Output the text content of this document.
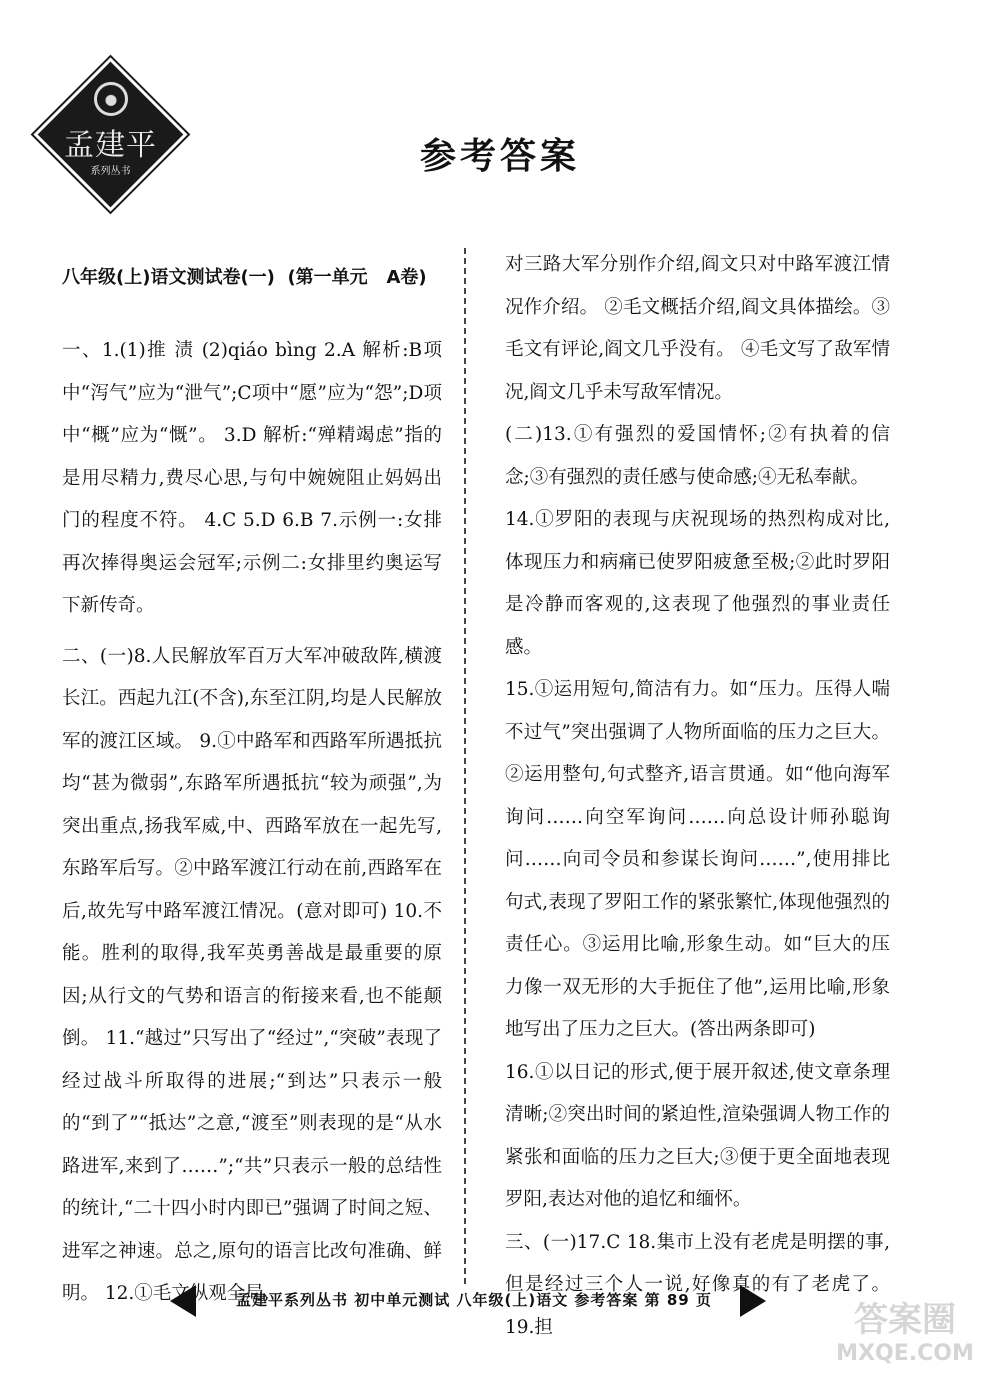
孟建平
系列丛书	参考答案
八年级(上)语文测试卷(一)  (第一单元   A卷)

一、1.(1)推 渍 (2)qiáo bìng 2.A 解析:B项中“泻气”应为“泄气”;C项中“愿”应为“怨”;D项中“概”应为“慨”。 3.D 解析:“殚精竭虑”指的是用尽精力,费尽心思,与句中婉婉阻止妈妈出门的程度不符。 4.C 5.D 6.B 7.示例一:女排再次捧得奥运会冠军;示例二:女排里约奥运写下新传奇。

二、(一)8.人民解放军百万大军冲破敌阵,横渡长江。西起九江(不含),东至江阴,均是人民解放军的渡江区域。 9.①中路军和西路军所遇抵抗均“甚为微弱”,东路军所遇抵抗“较为顽强”,为突出重点,扬我军威,中、西路军放在一起先写,东路军后写。②中路军渡江行动在前,西路军在后,故先写中路军渡江情况。(意对即可) 10.不能。胜利的取得,我军英勇善战是最重要的原因;从行文的气势和语言的衔接来看,也不能颠倒。 11.“越过”只写出了“经过”,“突破”表现了经过战斗所取得的进展;“到达”只表示一般的“到了”“抵达”之意,“渡至”则表现的是“从水路进军,来到了……”;“共”只表示一般的总结性的统计,“二十四小时内即已”强调了时间之短、进军之神速。总之,原句的语言比改句准确、鲜明。 12.①毛文纵观全局,

对三路大军分别作介绍,阎文只对中路军渡江情况作介绍。 ②毛文概括介绍,阎文具体描绘。③毛文有评论,阎文几乎没有。 ④毛文写了敌军情况,阎文几乎未写敌军情况。

(二)13.①有强烈的爱国情怀;②有执着的信念;③有强烈的责任感与使命感;④无私奉献。

14.①罗阳的表现与庆祝现场的热烈构成对比,体现压力和病痛已使罗阳疲惫至极;②此时罗阳是冷静而客观的,这表现了他强烈的事业责任感。

15.①运用短句,简洁有力。如“压力。压得人喘不过气”突出强调了人物所面临的压力之巨大。②运用整句,句式整齐,语言贯通。如“他向海军询问……向空军询问……向总设计师孙聪询问……向司令员和参谋长询问……”,使用排比句式,表现了罗阳工作的紧张繁忙,体现他强烈的责任心。③运用比喻,形象生动。如“巨大的压力像一双无形的大手扼住了他”,运用比喻,形象地写出了压力之巨大。(答出两条即可)

16.①以日记的形式,便于展开叙述,使文章条理清晰;②突出时间的紧迫性,渲染强调人物工作的紧张和面临的压力之巨大;③便于更全面地表现罗阳,表达对他的追忆和缅怀。

三、(一)17.C 18.集市上没有老虎是明摆的事,但是经过三个人一说,好像真的有了老虎了。 19.担

孟建平系列丛书 初中单元测试 八年级(上)语文 参考答案 第 89 页	答案圈
MXQE.COM
